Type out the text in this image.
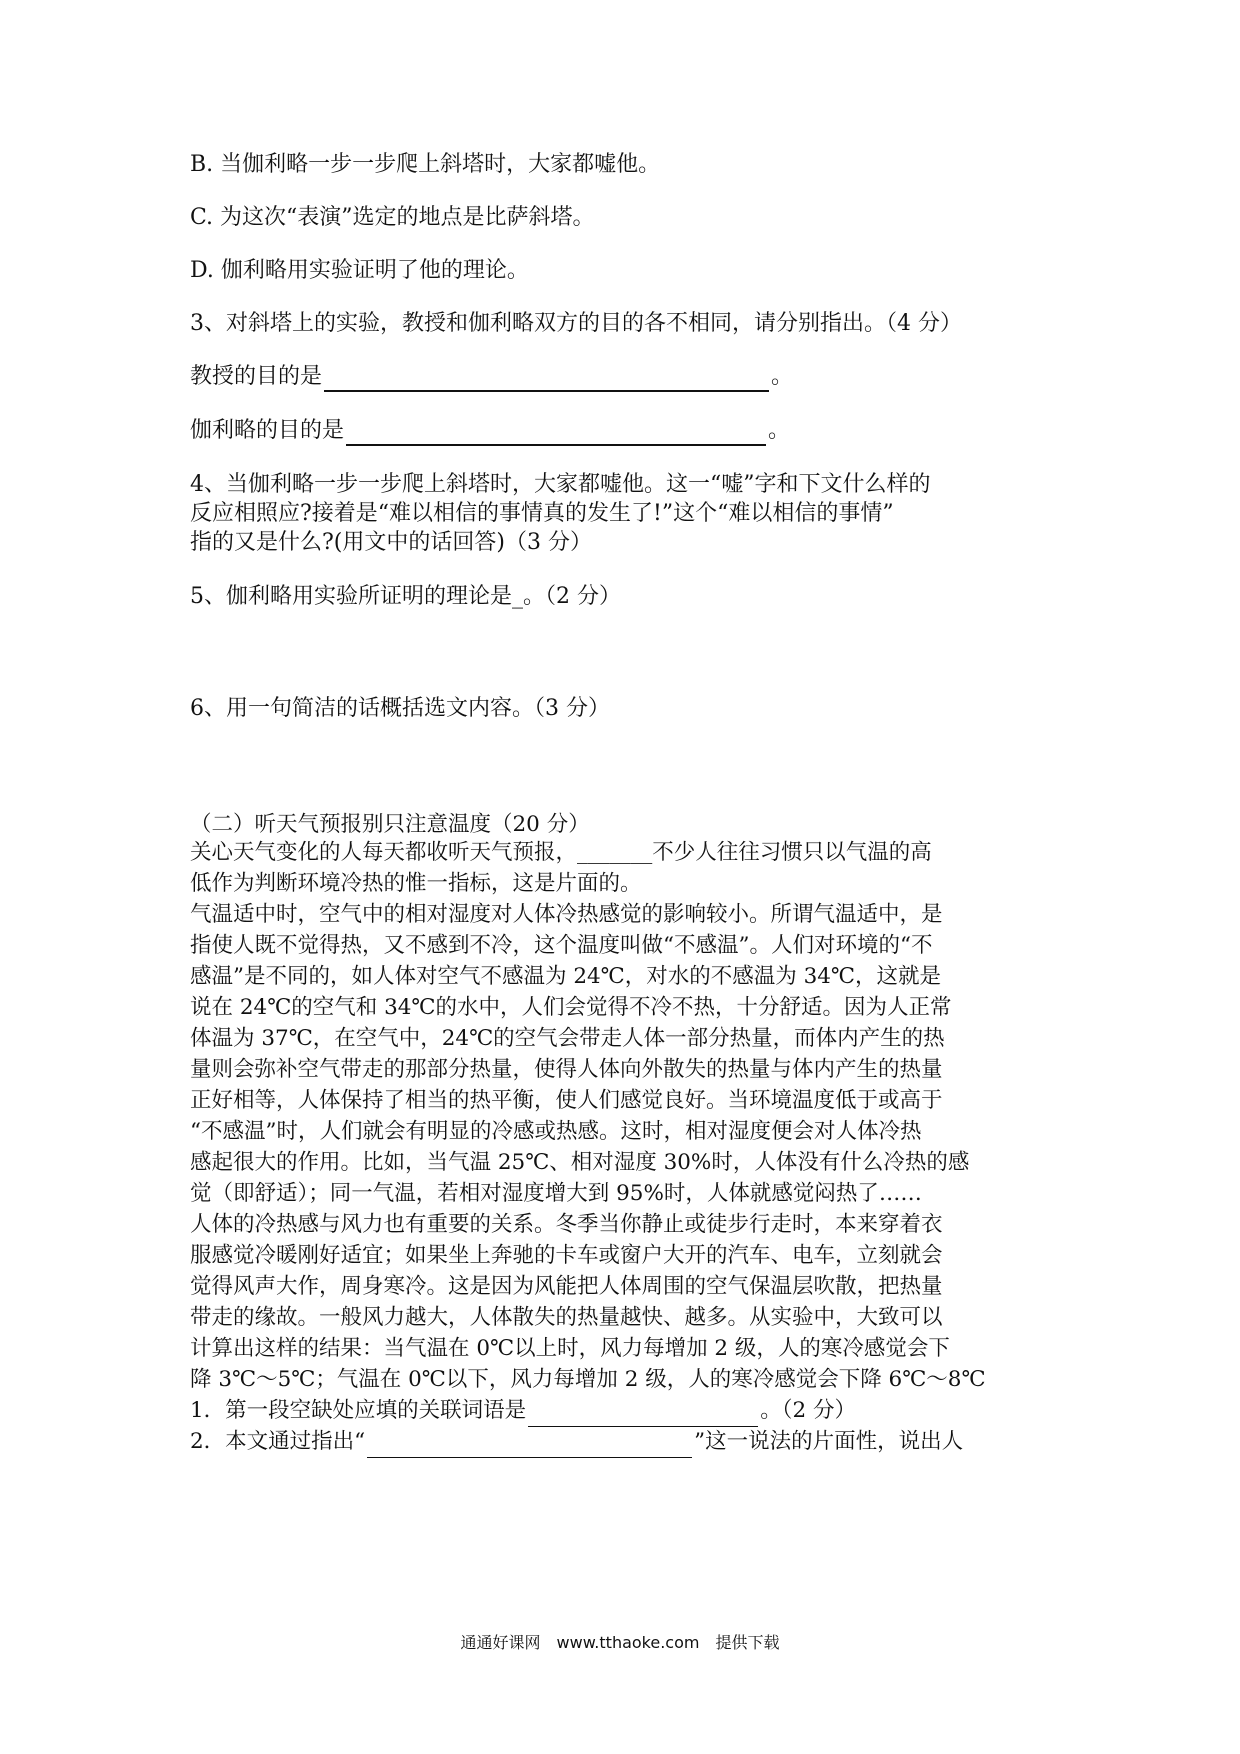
B. 当伽利略一步一步爬上斜塔时，大家都嘘他。
C. 为这次“表演”选定的地点是比萨斜塔。
D. 伽利略用实验证明了他的理论。
3、对斜塔上的实验，教授和伽利略双方的目的各不相同，请分别指出。（4 分）
教授的目的是	。
伽利略的目的是	。
4、当伽利略一步一步爬上斜塔时，大家都嘘他。这一“嘘”字和下文什么样的
反应相照应?接着是“难以相信的事情真的发生了!”这个“难以相信的事情”
指的又是什么?(用文中的话回答)（3 分）
5、伽利略用实验所证明的理论是_。（2 分）
6、用一句简洁的话概括选文内容。（3 分）
（二）听天气预报别只注意温度（20 分）
关心天气变化的人每天都收听天气预报，_______不少人往往习惯只以气温的高
低作为判断环境冷热的惟一指标，这是片面的。
气温适中时，空气中的相对湿度对人体冷热感觉的影响较小。所谓气温适中，是
指使人既不觉得热，又不感到不冷，这个温度叫做“不感温”。人们对环境的“不
感温”是不同的，如人体对空气不感温为 24℃，对水的不感温为 34℃，这就是
说在 24℃的空气和 34℃的水中，人们会觉得不冷不热，十分舒适。因为人正常
体温为 37℃，在空气中，24℃的空气会带走人体一部分热量，而体内产生的热
量则会弥补空气带走的那部分热量，使得人体向外散失的热量与体内产生的热量
正好相等，人体保持了相当的热平衡，使人们感觉良好。当环境温度低于或高于
“不感温”时，人们就会有明显的冷感或热感。这时，相对湿度便会对人体冷热
感起很大的作用。比如，当气温 25℃、相对湿度 30%时，人体没有什么冷热的感
觉（即舒适）；同一气温，若相对湿度增大到 95%时，人体就感觉闷热了……
人体的冷热感与风力也有重要的关系。冬季当你静止或徒步行走时，本来穿着衣
服感觉冷暖刚好适宜；如果坐上奔驰的卡车或窗户大开的汽车、电车，立刻就会
觉得风声大作，周身寒冷。这是因为风能把人体周围的空气保温层吹散，把热量
带走的缘故。一般风力越大，人体散失的热量越快、越多。从实验中，大致可以
计算出这样的结果：当气温在 0℃以上时，风力每增加 2 级，人的寒冷感觉会下
降 3℃～5℃；气温在 0℃以下，风力每增加 2 级，人的寒冷感觉会下降 6℃～8℃
1．第一段空缺处应填的关联词语是	。（2 分）
2．本文通过指出“	”这一说法的片面性，说出人
通通好课网　www.tthaoke.com　提供下载
